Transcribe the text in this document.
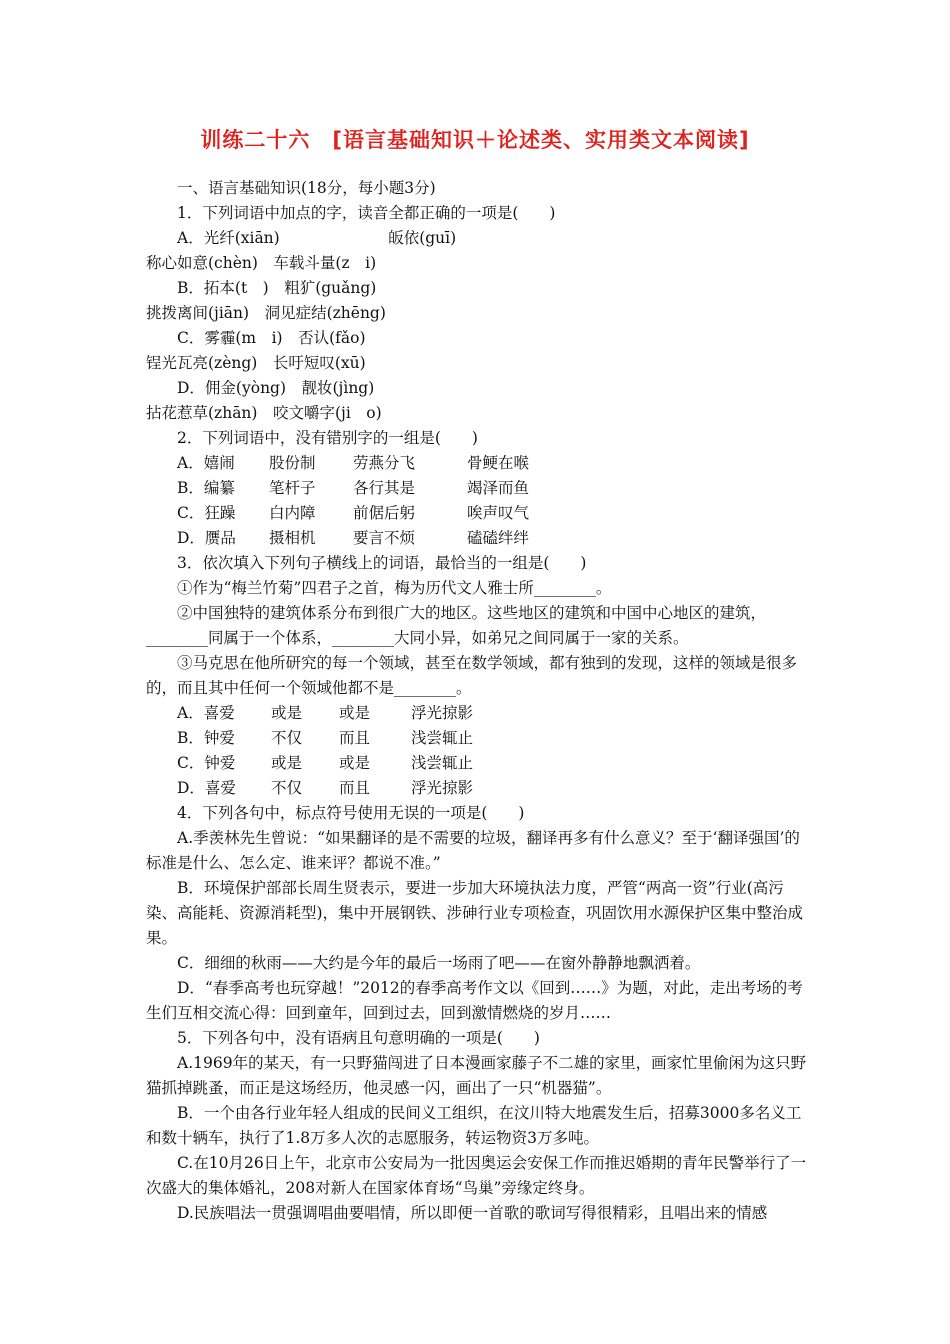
训练二十六　[语言基础知识＋论述类、实用类文本阅读]

一、语言基础知识(18分，每小题3分)

1．下列词语中加点的字，读音全都正确的一项是(　　)

A．光纤(xiān)　　　　　　　皈依(guī)

称心如意(chèn)　车载斗量(z　i)

B．拓本(t　)　粗犷(guǎng)

挑拨离间(jiān)　洞见症结(zhēng)

C．雾霾(m　i)　否认(fǎo)

锃光瓦亮(zèng)　长吁短叹(xū)

D．佣金(yòng)　靓妆(jìng)

拈花惹草(zhān)　咬文嚼字(ji　o)

2．下列词语中，没有错别字的一组是(　　)

A．嬉闹	股份制	劳燕分飞	骨鲠在喉
B．编纂	笔杆子	各行其是	竭泽而鱼
C．狂躁	白内障	前倨后躬	唉声叹气
D．赝品	摄相机	要言不烦	磕磕绊绊

3．依次填入下列句子横线上的词语，最恰当的一组是(　　)

①作为“梅兰竹菊”四君子之首，梅为历代文人雅士所________。

②中国独特的建筑体系分布到很广大的地区。这些地区的建筑和中国中心地区的建筑，________同属于一个体系，________大同小异，如弟兄之间同属于一家的关系。

③马克思在他所研究的每一个领域，甚至在数学领域，都有独到的发现，这样的领域是很多的，而且其中任何一个领域他都不是________。

A．喜爱	或是	或是	浮光掠影
B．钟爱	不仅	而且	浅尝辄止
C．钟爱	或是	或是	浅尝辄止
D．喜爱	不仅	而且	浮光掠影

4．下列各句中，标点符号使用无误的一项是(　　)

A.季羡林先生曾说：“如果翻译的是不需要的垃圾，翻译再多有什么意义？至于‘翻译强国’的标准是什么、怎么定、谁来评？都说不准。”

B．环境保护部部长周生贤表示，要进一步加大环境执法力度，严管“两高一资”行业(高污染、高能耗、资源消耗型)，集中开展钢铁、涉砷行业专项检查，巩固饮用水源保护区集中整治成果。

C．细细的秋雨——大约是今年的最后一场雨了吧——在窗外静静地飘洒着。

D．“春季高考也玩穿越！”2012的春季高考作文以《回到……》为题，对此，走出考场的考生们互相交流心得：回到童年，回到过去，回到激情燃烧的岁月……

5．下列各句中，没有语病且句意明确的一项是(　　)

A.1969年的某天，有一只野猫闯进了日本漫画家藤子不二雄的家里，画家忙里偷闲为这只野猫抓掉跳蚤，而正是这场经历，他灵感一闪，画出了一只“机器猫”。

B．一个由各行业年轻人组成的民间义工组织，在汶川特大地震发生后，招募3000多名义工和数十辆车，执行了1.8万多人次的志愿服务，转运物资3万多吨。

C.在10月26日上午，北京市公安局为一批因奥运会安保工作而推迟婚期的青年民警举行了一次盛大的集体婚礼，208对新人在国家体育场“鸟巢”旁缘定终身。

D.民族唱法一贯强调唱曲要唱情，所以即便一首歌的歌词写得很精彩，且唱出来的情感
